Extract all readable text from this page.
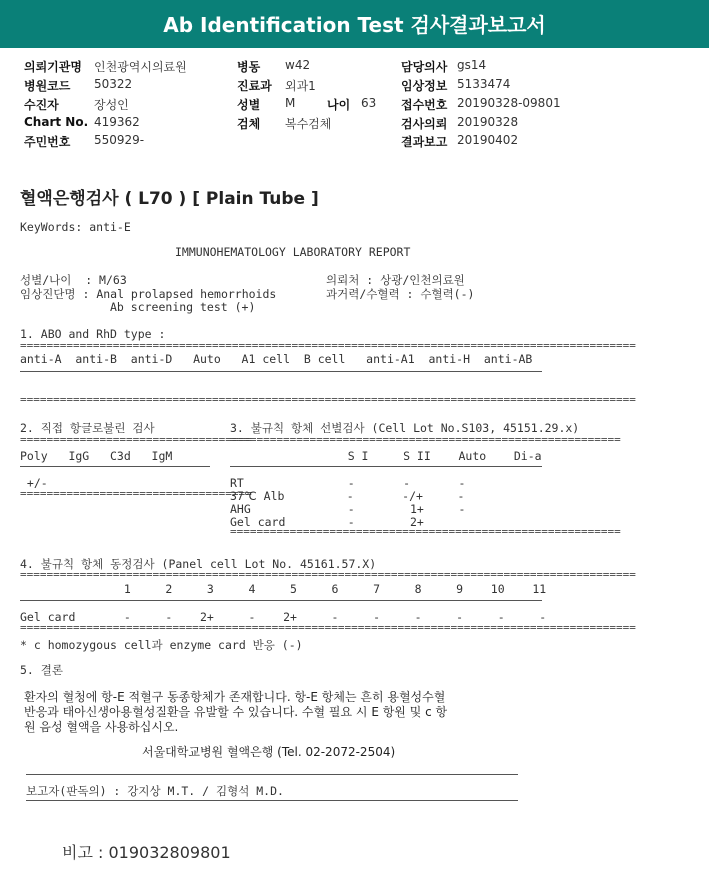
Ab Identification Test 검사결과보고서
의뢰기관명 인천광역시의료원
병원코드 50322
수진자	장성인
Chart No. 419362
주민번호 550929-
병동 w42
진료과 외과1
성별 M	나이 63
검체 복수검체
담당의사 gs14
임상정보 5133474
접수번호 20190328-09801
검사의뢰 20190328
결과보고 20190402
혈액은행검사 ( L70 ) [ Plain Tube ]
KeyWords: anti-E
IMMUNOHEMATOLOGY LABORATORY REPORT
성별/나이  : M/63
임상진단명 : Anal prolapsed hemorrhoids
Ab screening test (+)
의뢰처 : 상광/인천의료원
과거력/수혈력 : 수혈력(-)
1. ABO and RhD type :
=============================================================================================
anti-A  anti-B  anti-D   Auto   A1 cell  B cell   anti-A1  anti-H  anti-AB
=============================================================================================
2. 직접 항글로불린 검사
===================================
Poly   IgG   C3d   IgM
+/-
===================================
3. 불규칙 항체 선별검사 (Cell Lot No.S103, 45151.29.x)
===========================================================
S I     S II    Auto    Di-a
RT               -       -       -
37℃ Alb         -       -/+     -
AHG              -        1+     -
Gel card         -        2+
===========================================================
4. 불규칙 항체 동정검사 (Panel cell Lot No. 45161.57.X)
=============================================================================================
1     2     3     4     5     6     7     8     9    10    11
Gel card       -     -    2+     -    2+     -     -     -     -     -     -
=============================================================================================
* c homozygous cell과 enzyme card 반응 (-)
5. 결론
환자의 혈청에 항-E 적혈구 동종항체가 존재합니다. 항-E 항체는 흔히 용혈성수혈
반응과 태아신생아용혈성질환을 유발할 수 있습니다. 수혈 필요 시 E 항원 및 c 항
원 음성 혈액을 사용하십시오.
서울대학교병원 혈액은행 (Tel. 02-2072-2504)
보고자(판독의) : 강지상 M.T. / 김형석 M.D.
비고 : 019032809801
